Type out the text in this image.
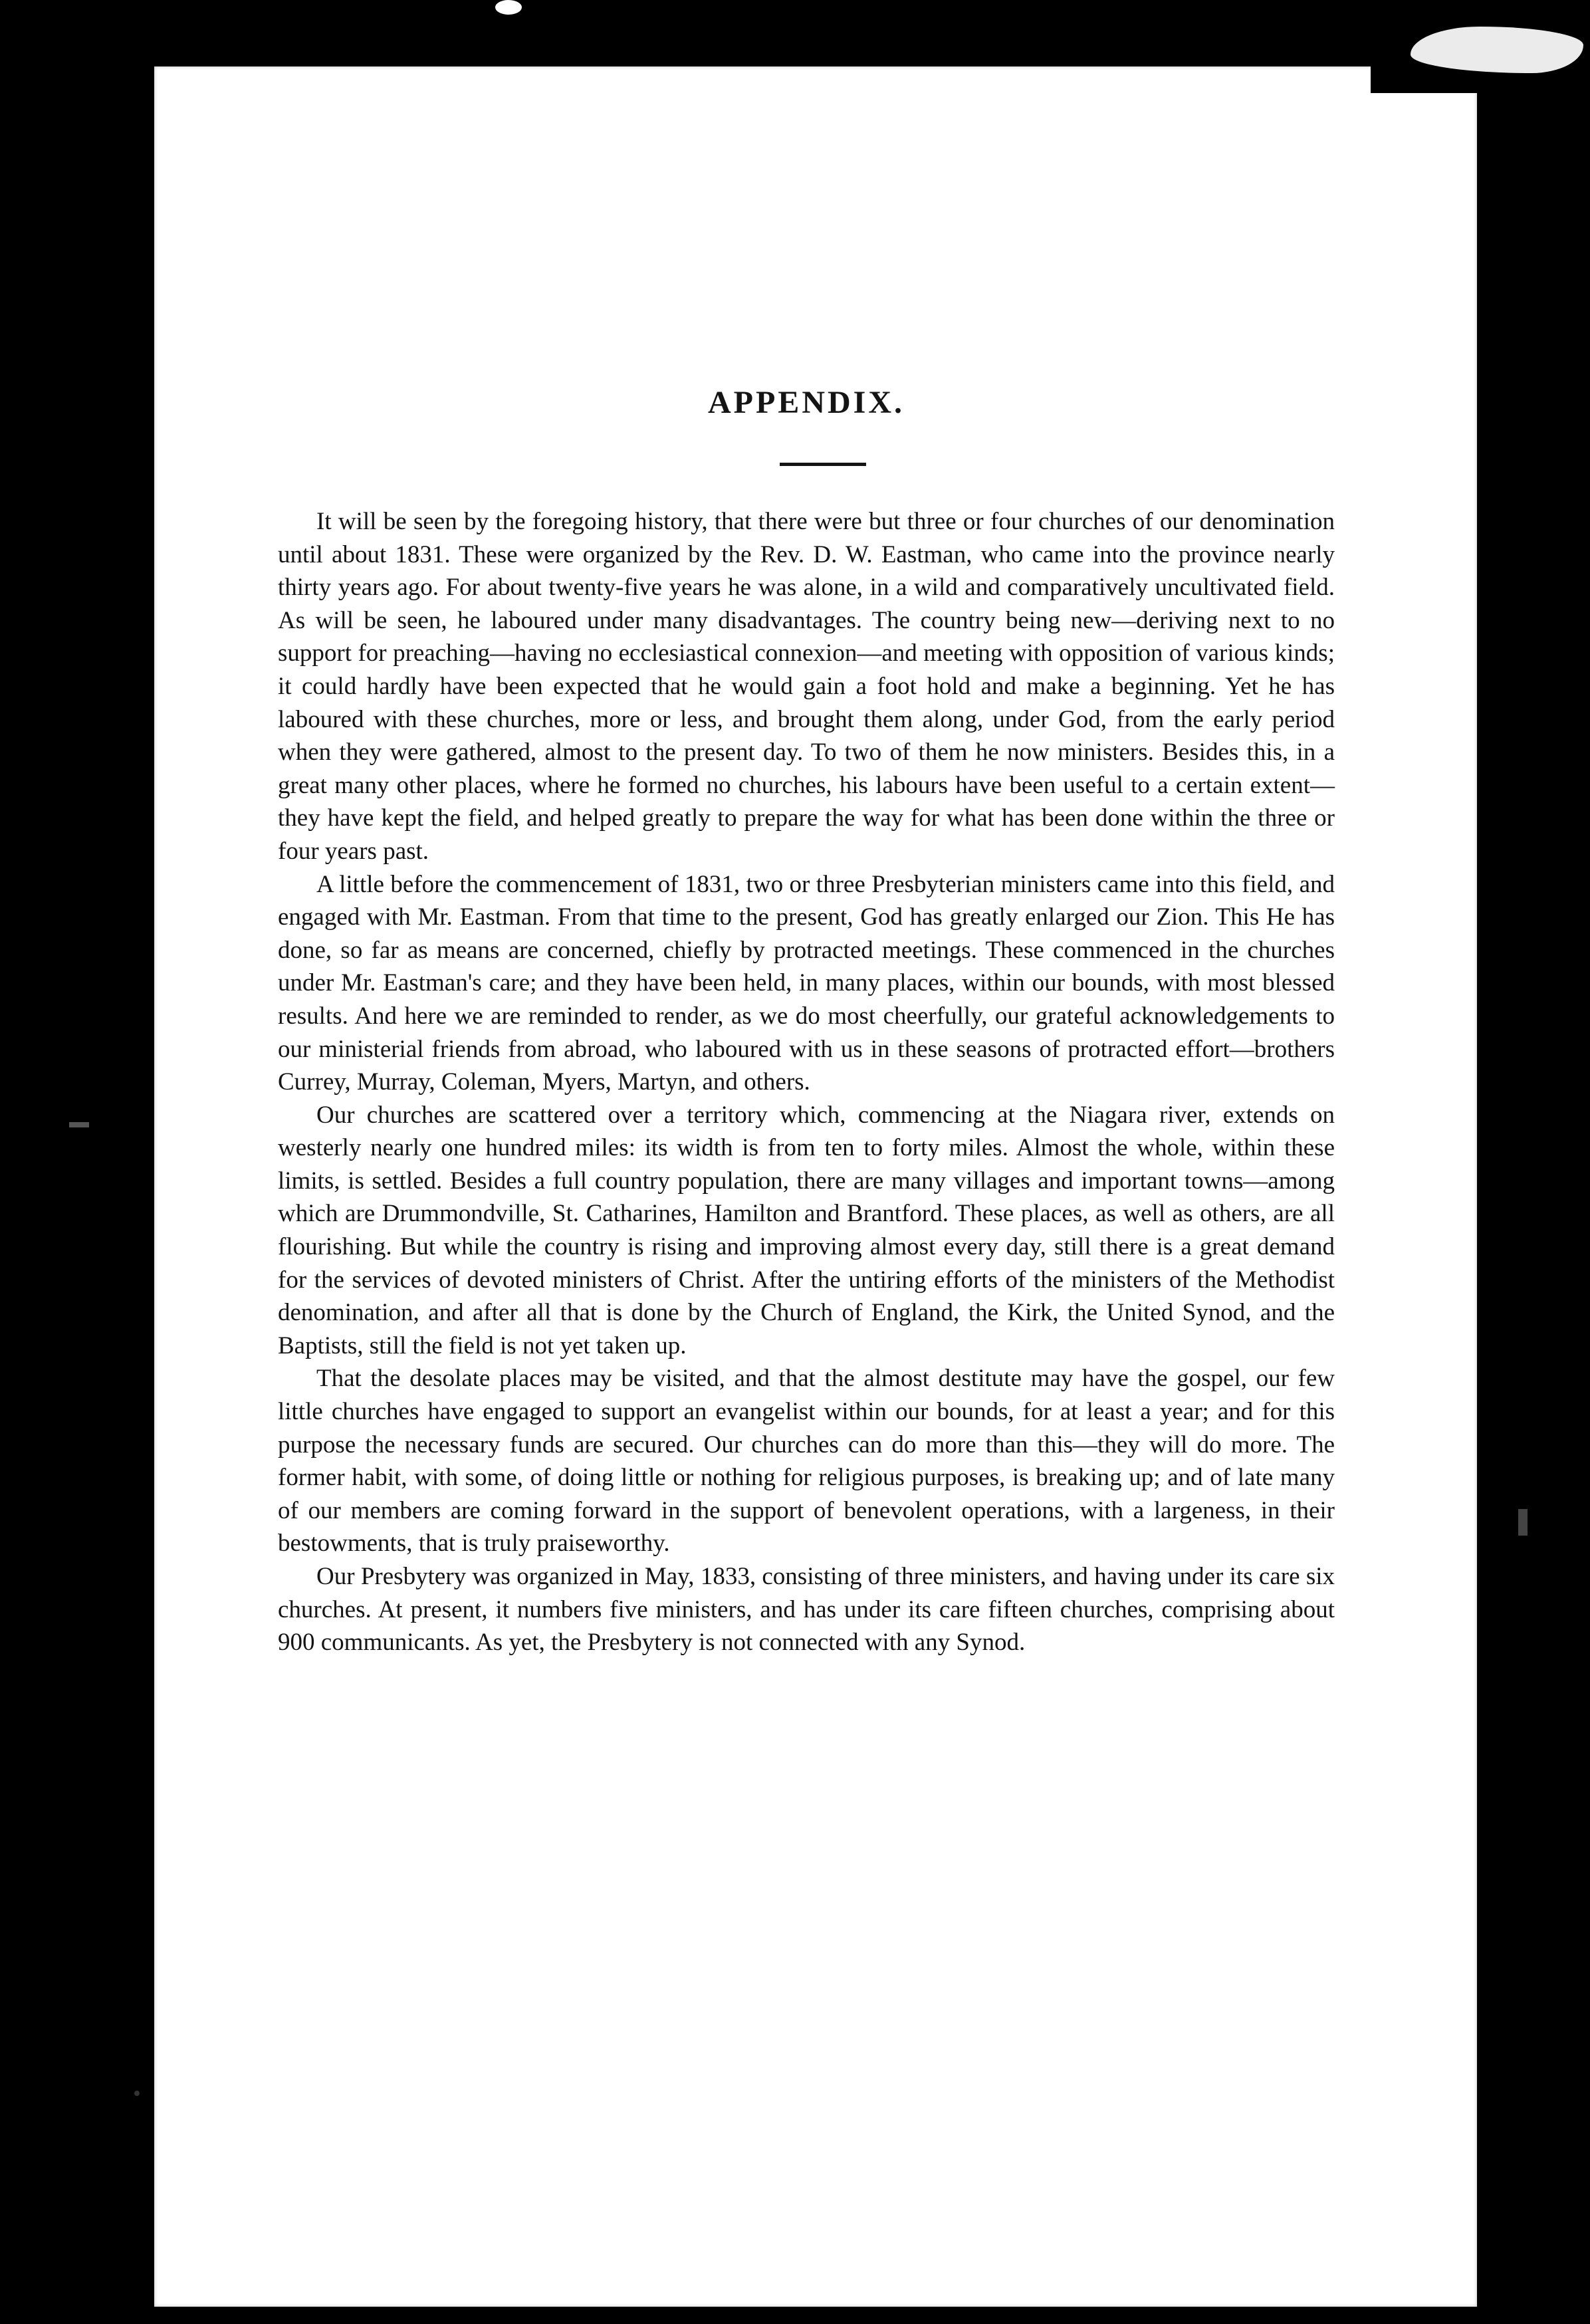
APPENDIX.

It will be seen by the foregoing history, that there were but three or four churches of our denomination until about 1831. These were organized by the Rev. D. W. Eastman, who came into the province nearly thirty years ago. For about twenty-five years he was alone, in a wild and comparatively uncultivated field. As will be seen, he laboured under many disadvantages. The country being new—deriving next to no support for preaching—having no ecclesiastical connexion—and meeting with opposition of various kinds; it could hardly have been expected that he would gain a foot hold and make a beginning. Yet he has laboured with these churches, more or less, and brought them along, under God, from the early period when they were gathered, almost to the present day. To two of them he now ministers. Besides this, in a great many other places, where he formed no churches, his labours have been useful to a certain extent—they have kept the field, and helped greatly to prepare the way for what has been done within the three or four years past.

A little before the commencement of 1831, two or three Presbyterian ministers came into this field, and engaged with Mr. Eastman. From that time to the present, God has greatly enlarged our Zion. This He has done, so far as means are concerned, chiefly by protracted meetings. These commenced in the churches under Mr. Eastman's care; and they have been held, in many places, within our bounds, with most blessed results. And here we are reminded to render, as we do most cheerfully, our grateful acknowledgements to our ministerial friends from abroad, who laboured with us in these seasons of protracted effort—brothers Currey, Murray, Coleman, Myers, Martyn, and others.

Our churches are scattered over a territory which, commencing at the Niagara river, extends on westerly nearly one hundred miles: its width is from ten to forty miles. Almost the whole, within these limits, is settled. Besides a full country population, there are many villages and important towns—among which are Drummondville, St. Catharines, Hamilton and Brantford. These places, as well as others, are all flourishing. But while the country is rising and improving almost every day, still there is a great demand for the services of devoted ministers of Christ. After the untiring efforts of the ministers of the Methodist denomination, and after all that is done by the Church of England, the Kirk, the United Synod, and the Baptists, still the field is not yet taken up.

That the desolate places may be visited, and that the almost destitute may have the gospel, our few little churches have engaged to support an evangelist within our bounds, for at least a year; and for this purpose the necessary funds are secured. Our churches can do more than this—they will do more. The former habit, with some, of doing little or nothing for religious purposes, is breaking up; and of late many of our members are coming forward in the support of benevolent operations, with a largeness, in their bestowments, that is truly praiseworthy.

Our Presbytery was organized in May, 1833, consisting of three ministers, and having under its care six churches. At present, it numbers five ministers, and has under its care fifteen churches, comprising about 900 communicants. As yet, the Presbytery is not connected with any Synod.
